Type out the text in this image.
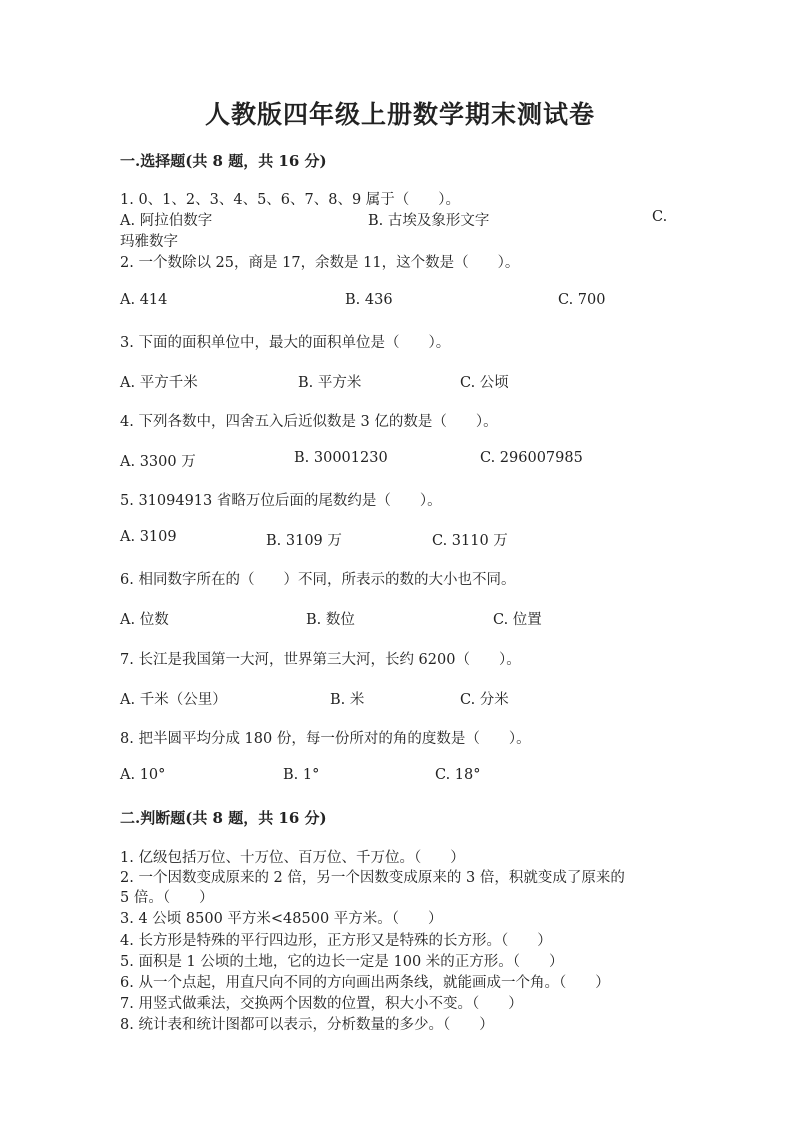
人教版四年级上册数学期末测试卷
一.选择题(共 8 题，共 16 分)
1. 0、1、2、3、4、5、6、7、8、9 属于（　　）。
A. 阿拉伯数字	B. 古埃及象形文字	C.
玛雅数字
2. 一个数除以 25，商是 17，余数是 11，这个数是（　　）。
A. 414	B. 436	C. 700
3. 下面的面积单位中，最大的面积单位是（　　）。
A. 平方千米	B. 平方米	C. 公顷
4. 下列各数中，四舍五入后近似数是 3 亿的数是（　　）。
A. 3300 万	B. 30001230	C. 296007985
5. 31094913 省略万位后面的尾数约是（　　）。
A. 3109	B. 3109 万	C. 3110 万
6. 相同数字所在的（　　）不同，所表示的数的大小也不同。
A. 位数	B. 数位	C. 位置
7. 长江是我国第一大河，世界第三大河，长约 6200（　　）。
A. 千米（公里）	B. 米	C. 分米
8. 把半圆平均分成 180 份，每一份所对的角的度数是（　　）。
A. 10°	B. 1°	C. 18°
二.判断题(共 8 题，共 16 分)
1. 亿级包括万位、十万位、百万位、千万位。（　　）
2. 一个因数变成原来的 2 倍，另一个因数变成原来的 3 倍，积就变成了原来的
5 倍。（　　）
3. 4 公顷 8500 平方米<48500 平方米。（　　）
4. 长方形是特殊的平行四边形，正方形又是特殊的长方形。（　　）
5. 面积是 1 公顷的土地，它的边长一定是 100 米的正方形。（　　）
6. 从一个点起，用直尺向不同的方向画出两条线，就能画成一个角。（　　）
7. 用竖式做乘法，交换两个因数的位置，积大小不变。（　　）
8. 统计表和统计图都可以表示，分析数量的多少。（　　）
